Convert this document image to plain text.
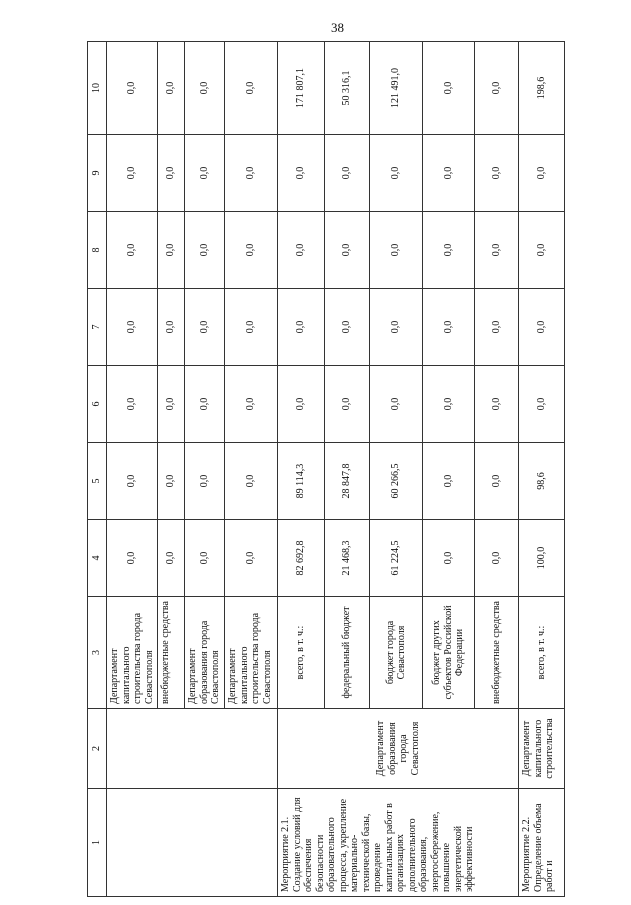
38
1	2	3	4	5	6	7	8	9	10
		Департамент капитального строительства города Севастополя	0,0	0,0	0,0	0,0	0,0	0,0	0,0
		внебюджетные средства	0,0	0,0	0,0	0,0	0,0	0,0	0,0
		Департамент образования города Севастополя	0,0	0,0	0,0	0,0	0,0	0,0	0,0
		Департамент капитального строительства города Севастополя	0,0	0,0	0,0	0,0	0,0	0,0	0,0
Мероприятие 2.1. Создание условий для обеспечения безопасности образовательного процесса, укрепление материально-технической базы, проведение капитальных работ в организациях дополнительного образования, энергосбережение, повышение энергетической эффективности	Департамент образования города Севастополя	всего, в т. ч.:	82 692,8	89 114,3	0,0	0,0	0,0	0,0	171 807,1
		федеральный бюджет	21 468,3	28 847,8	0,0	0,0	0,0	0,0	50 316,1
		бюджет города Севастополя	61 224,5	60 266,5	0,0	0,0	0,0	0,0	121 491,0
		бюджет других субъектов Российской Федерации	0,0	0,0	0,0	0,0	0,0	0,0	0,0
		внебюджетные средства	0,0	0,0	0,0	0,0	0,0	0,0	0,0
Мероприятие 2.2. Определение объема работ и	Департамент капитального строительства	всего, в т. ч.:	100,0	98,6	0,0	0,0	0,0	0,0	198,6
